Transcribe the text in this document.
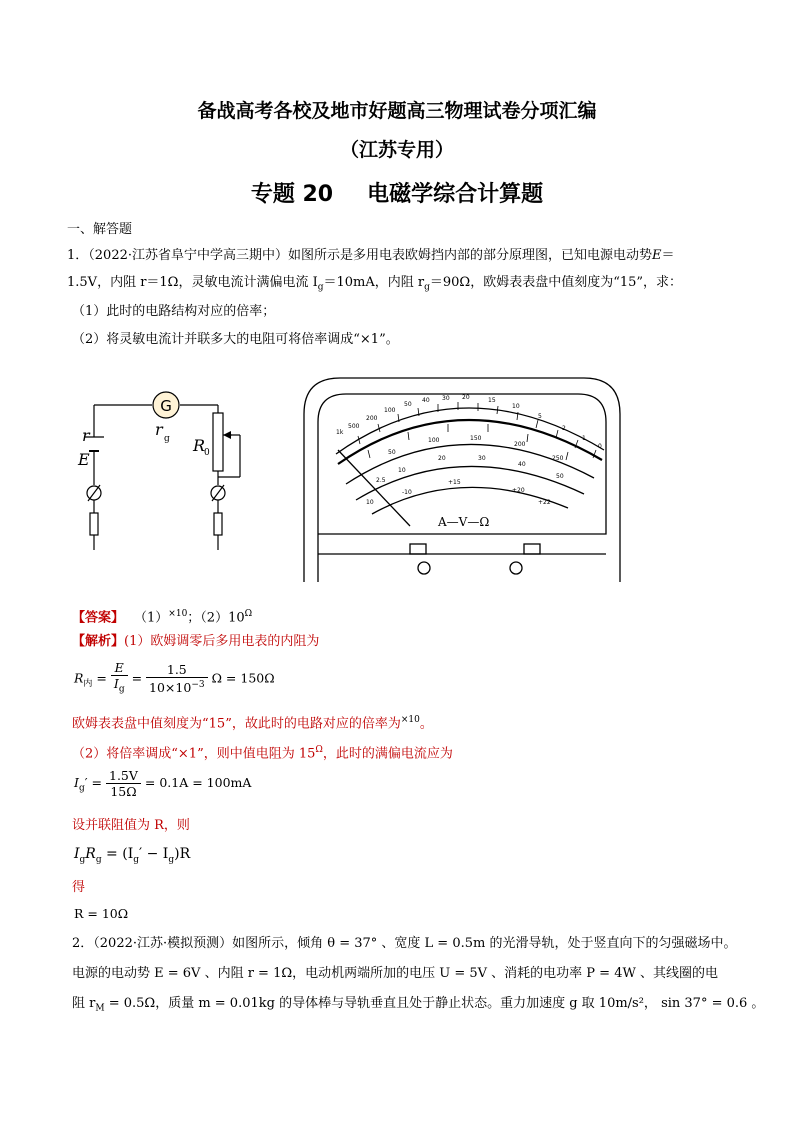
备战高考各校及地市好题高三物理试卷分项汇编
（江苏专用）
专题 20 电磁学综合计算题
一、解答题
1．（2022·江苏省阜宁中学高三期中）如图所示是多用电表欧姆挡内部的部分原理图，已知电源电动势E＝
1.5V，内阻 r＝1Ω，灵敏电流计满偏电流 $I_g=10mA$，内阻 $r_g=90\Omega$，欧姆表表盘中值刻度为“15”，求：
（1）此时的电路结构对应的倍率；
（2）将灵敏电流计并联多大的电阻可将倍率调成“×1”。
G
r g
r
E
R
0
1k
500
200
100
50
40 30 20	15
10
5
2
1
0
50
100	150
200
250
10
20	30
40
50
-10
+15
+20
+22
10
2.5
A—V—Ω
【答案】 $(1)^{\times 10}$；$(2)10^\Omega$
【解析】(1）欧姆调零后多用电表的内阻为
$R_内 = \frac{E}{I_g} = \frac{1.5}{10\times 10^{-3}}$ Ω = 150Ω
欧姆表表盘中值刻度为“15”，故此时的电路对应的倍率为$^{\times 10}$。
（2）将倍率调成“×1”，则中值电阻为 $15^\Omega$，此时的满偏电流应为
$I_g' = \frac{1.5V}{15\Omega} = 0.1A = 100mA$
设并联阻值为 R，则
$I_gR_g = (I_g' - I_g)R$
得
R = 10Ω
2．（2022·江苏·模拟预测）如图所示，倾角 θ = 37° 、宽度 L = 0.5m 的光滑导轨，处于竖直向下的匀强磁场中。
电源的电动势 E = 6V 、内阻 r = 1Ω，电动机两端所加的电压 U = 5V 、消耗的电功率 P = 4W 、其线圈的电
阻 $r_M = 0.5\Omega$，质量 m = 0.01kg 的导体棒与导轨垂直且处于静止状态。重力加速度 g 取 10m/s²， sin 37° = 0.6 。
